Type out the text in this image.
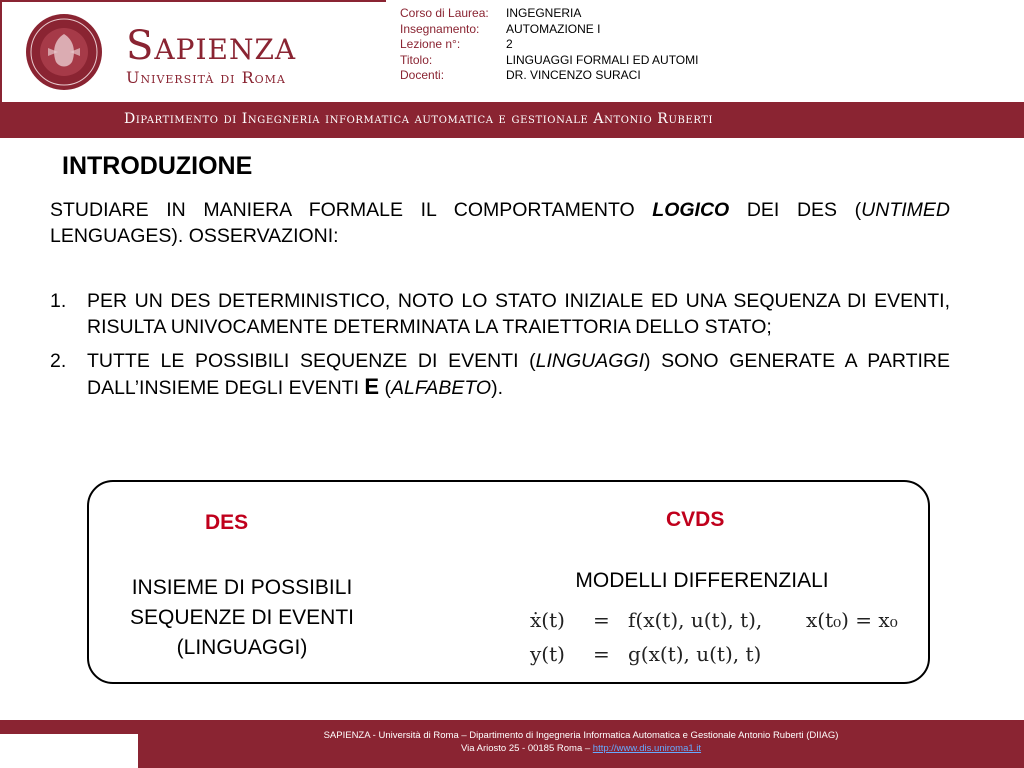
Sapienza
Università di Roma
Corso di Laurea:	INGEGNERIA
Insegnamento:	AUTOMAZIONE I
Lezione n°:	2
Titolo:	LINGUAGGI FORMALI ED AUTOMI
Docenti:	DR. VINCENZO SURACI
Dipartimento di Ingegneria informatica automatica e gestionale Antonio Ruberti
INTRODUZIONE
STUDIARE IN MANIERA FORMALE IL COMPORTAMENTO LOGICO DEI DES (UNTIMED LENGUAGES). OSSERVAZIONI:
1. PER UN DES DETERMINISTICO, NOTO LO STATO INIZIALE ED UNA SEQUENZA DI EVENTI, RISULTA UNIVOCAMENTE DETERMINATA LA TRAIETTORIA DELLO STATO;
2. TUTTE LE POSSIBILI SEQUENZE DI EVENTI (LINGUAGGI) SONO GENERATE A PARTIRE DALL’INSIEME DEGLI EVENTI E (ALFABETO).
DES
INSIEME DI POSSIBILI
SEQUENZE DI EVENTI
(LINGUAGGI)
CVDS
MODELLI DIFFERENZIALI
ẋ(t) = f(x(t), u(t), t), x(t₀) = x₀
y(t) = g(x(t), u(t), t)
SAPIENZA - Università di Roma – Dipartimento di Ingegneria Informatica Automatica e Gestionale Antonio Ruberti (DIIAG)
Via Ariosto 25 - 00185 Roma – http://www.dis.uniroma1.it
